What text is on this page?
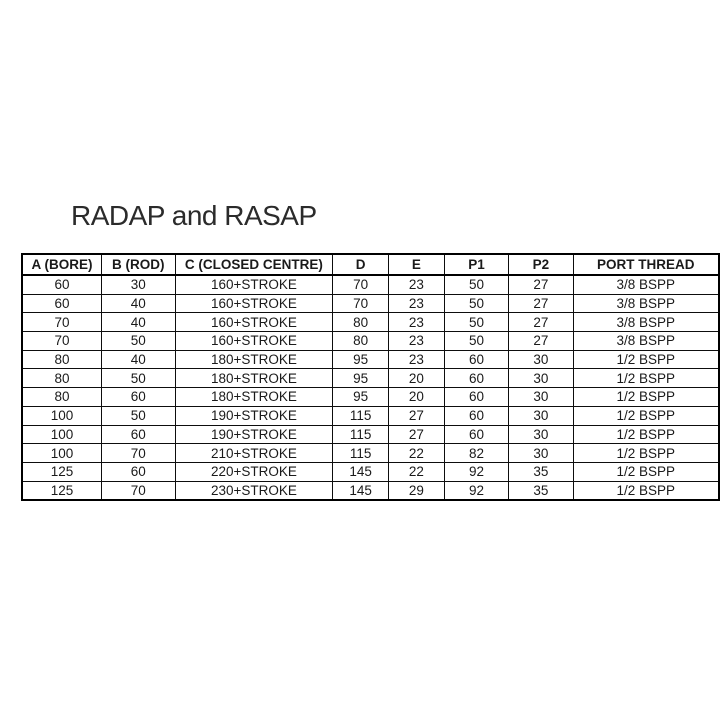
RADAP and RASAP
A (BORE)	B (ROD)	C (CLOSED CENTRE)	D	E	P1	P2	PORT THREAD
60	30	160+STROKE	70	23	50	27	3/8 BSPP
60	40	160+STROKE	70	23	50	27	3/8 BSPP
70	40	160+STROKE	80	23	50	27	3/8 BSPP
70	50	160+STROKE	80	23	50	27	3/8 BSPP
80	40	180+STROKE	95	23	60	30	1/2 BSPP
80	50	180+STROKE	95	20	60	30	1/2 BSPP
80	60	180+STROKE	95	20	60	30	1/2 BSPP
100	50	190+STROKE	115	27	60	30	1/2 BSPP
100	60	190+STROKE	115	27	60	30	1/2 BSPP
100	70	210+STROKE	115	22	82	30	1/2 BSPP
125	60	220+STROKE	145	22	92	35	1/2 BSPP
125	70	230+STROKE	145	29	92	35	1/2 BSPP
